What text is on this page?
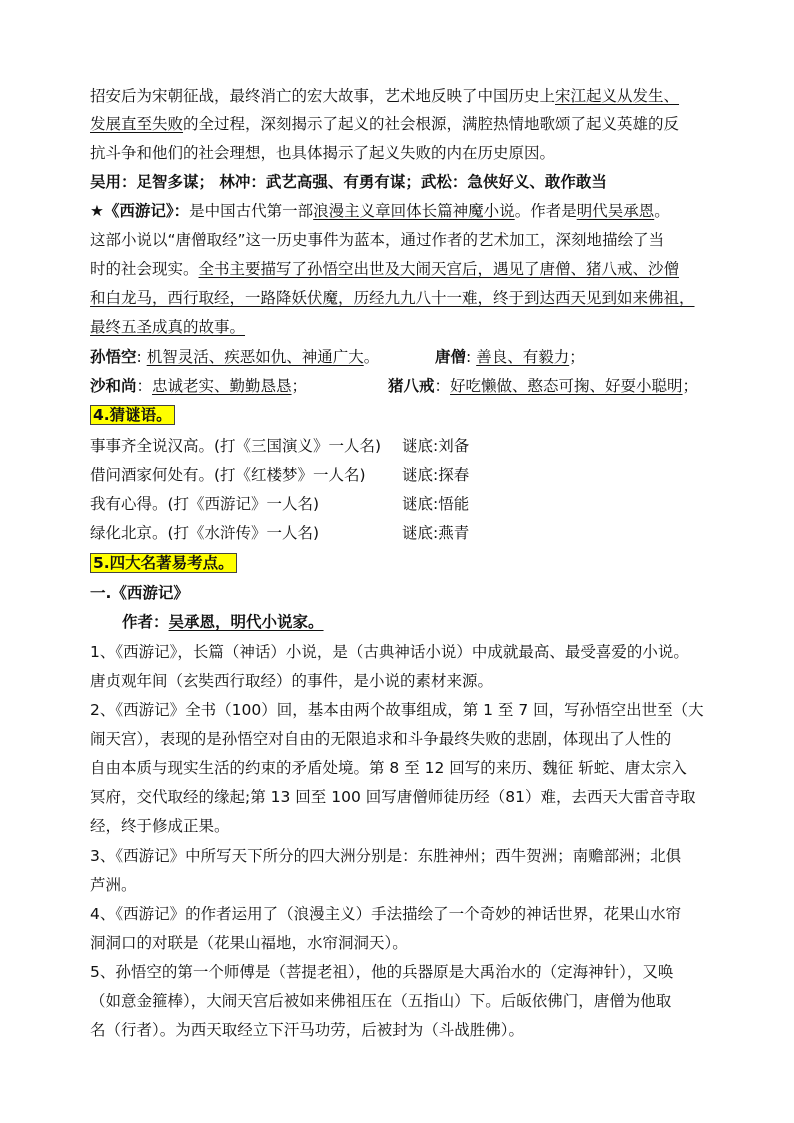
招安后为宋朝征战，最终消亡的宏大故事，艺术地反映了中国历史上宋江起义从发生、
发展直至失败的全过程，深刻揭示了起义的社会根源，满腔热情地歌颂了起义英雄的反
抗斗争和他们的社会理想，也具体揭示了起义失败的内在历史原因。
吴用：足智多谋； 林冲：武艺高强、有勇有谋；武松：急侠好义、敢作敢当
★《西游记》：是中国古代第一部浪漫主义章回体长篇神魔小说。作者是明代吴承恩。
这部小说以“唐僧取经”这一历史事件为蓝本，通过作者的艺术加工，深刻地描绘了当
时的社会现实。全书主要描写了孙悟空出世及大闹天宫后，遇见了唐僧、猪八戒、沙僧
和白龙马，西行取经，一路降妖伏魔，历经九九八十一难，终于到达西天见到如来佛祖，
最终五圣成真的故事。
孙悟空: 机智灵活、疾恶如仇、神通广大。	唐僧: 善良、有毅力；
沙和尚：忠诚老实、勤勤恳恳；	猪八戒：好吃懒做、憨态可掬、好耍小聪明；
4.猜谜语。
事事齐全说汉高。(打《三国演义》一人名) 谜底:刘备
借问酒家何处有。(打《红楼梦》一人名) 谜底:探春
我有心得。(打《西游记》一人名)	谜底:悟能
绿化北京。(打《水浒传》一人名)	谜底:燕青
5.四大名著易考点。
一.《西游记》
作者：吴承恩，明代小说家。
1、《西游记》，长篇（神话）小说，是（古典神话小说）中成就最高、最受喜爱的小说。
唐贞观年间（玄奘西行取经）的事件，是小说的素材来源。
2、《西游记》全书（100）回，基本由两个故事组成，第 1 至 7 回，写孙悟空出世至（大
闹天宫），表现的是孙悟空对自由的无限追求和斗争最终失败的悲剧，体现出了人性的
自由本质与现实生活的约束的矛盾处境。第 8 至 12 回写的来历、魏征 斩蛇、唐太宗入
冥府，交代取经的缘起;第 13 回至 100 回写唐僧师徒历经（81）难，去西天大雷音寺取
经，终于修成正果。
3、《西游记》中所写天下所分的四大洲分别是：东胜神州；西牛贺洲；南赡部洲；北俱
芦洲。
4、《西游记》的作者运用了（浪漫主义）手法描绘了一个奇妙的神话世界，花果山水帘
洞洞口的对联是（花果山福地，水帘洞洞天）。
5、孙悟空的第一个师傅是（菩提老祖），他的兵器原是大禹治水的（定海神针），又唤
（如意金箍棒），大闹天宫后被如来佛祖压在（五指山）下。后皈依佛门，唐僧为他取
名（行者）。为西天取经立下汗马功劳，后被封为（斗战胜佛）。
